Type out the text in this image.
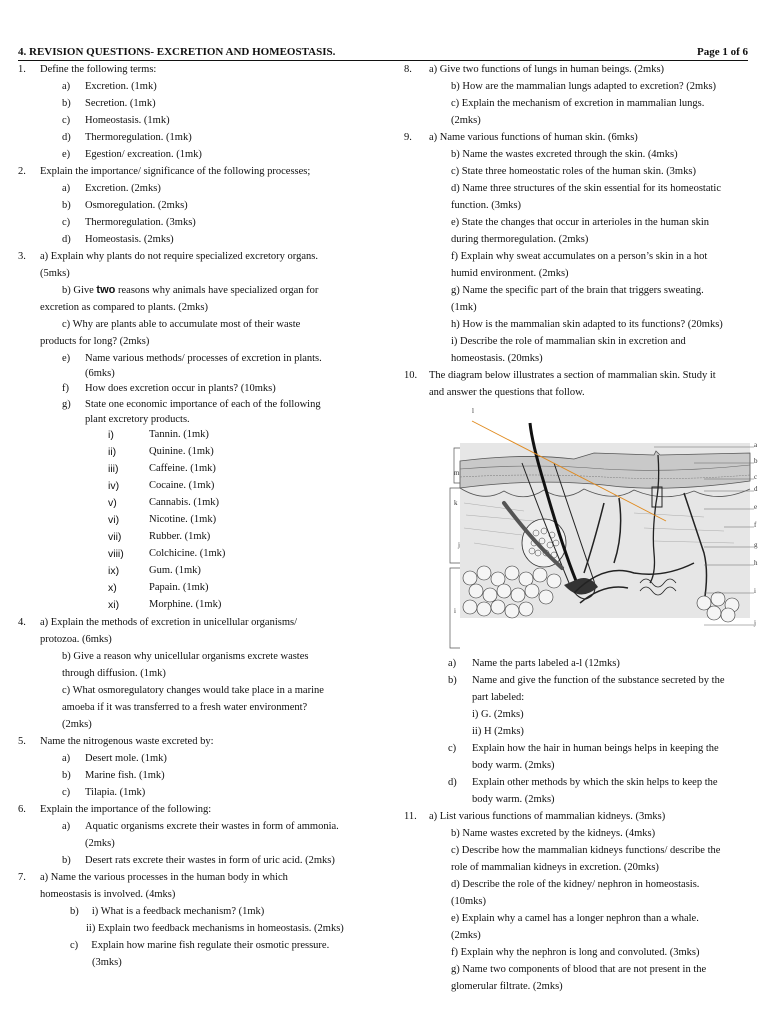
4. REVISION QUESTIONS- EXCRETION AND HOMEOSTASIS.	Page 1 of 6
1.	Define the following terms:
a) Excretion. (1mk)
b) Secretion. (1mk)
c) Homeostasis. (1mk)
d) Thermoregulation. (1mk)
e) Egestion/ excreation. (1mk)
2.	Explain the importance/ significance of the following processes;
a) Excretion. (2mks)
b) Osmoregulation. (2mks)
c) Thermoregulation. (3mks)
d) Homeostasis. (2mks)
3.	a) Explain why plants do not require specialized excretory organs.
(5mks)
b) Give two reasons why animals have specialized organ for
excretion as compared to plants. (2mks)
c) Why are plants able to accumulate most of their waste
products for long? (2mks)
e) Name various methods/ processes of excretion in plants.
(6mks)
f) How does excretion occur in plants? (10mks)
g) State one economic importance of each of the following
plant excretory products.
i)	Tannin. (1mk)
ii)	Quinine. (1mk)
iii)	Caffeine. (1mk)
iv)	Cocaine. (1mk)
v)	Cannabis. (1mk)
vi)	Nicotine. (1mk)
vii)	Rubber. (1mk)
viii) Colchicine. (1mk)
ix)	Gum. (1mk)
x)	Papain. (1mk)
xi)	Morphine. (1mk)
4.	a) Explain the methods of excretion in unicellular organisms/
protozoa. (6mks)
b) Give a reason why unicellular organisms excrete wastes
through diffusion. (1mk)
c) What osmoregulatory changes would take place in a marine
amoeba if it was transferred to a fresh water environment?
(2mks)
5.	Name the nitrogenous waste excreted by:
a) Desert mole. (1mk)
b) Marine fish. (1mk)
c) Tilapia. (1mk)
6.	Explain the importance of the following:
a) Aquatic organisms excrete their wastes in form of ammonia.
(2mks)
b) Desert rats excrete their wastes in form of uric acid. (2mks)
7.	a) Name the various processes in the human body in which
homeostasis is involved. (4mks)
b)     i) What is a feedback mechanism? (1mk)
ii) Explain two feedback mechanisms in homeostasis. (2mks)
c)     Explain how marine fish regulate their osmotic pressure.
(3mks)
8.	a) Give two functions of lungs in human beings. (2mks)
b) How are the mammalian lungs adapted to excretion? (2mks)
c) Explain the mechanism of excretion in mammalian lungs.
(2mks)
9.	a) Name various functions of human skin. (6mks)
b) Name the wastes excreted through the skin. (4mks)
c) State three homeostatic roles of the human skin. (3mks)
d) Name three structures of the skin essential for its homeostatic
function. (3mks)
e) State the changes that occur in arterioles in the human skin
during thermoregulation. (2mks)
f) Explain why sweat accumulates on a person’s skin in a hot
humid environment. (2mks)
g) Name the specific part of the brain that triggers sweating.
(1mk)
h) How is the mammalian skin adapted to its functions? (20mks)
i) Describe the role of mammalian skin in excretion and
homeostasis. (20mks)
10.	The diagram below illustrates a section of mammalian skin. Study it
and answer the questions that follow.
l
m
k
j
i
a
b
c
d
e
f
g
h
i
j
a) Name the parts labeled a-l (12mks)
b) Name and give the function of the substance secreted by the
part labeled:
i) G. (2mks)
ii) H (2mks)
c) Explain how the hair in human beings helps in keeping the
body warm. (2mks)
d) Explain other methods by which the skin helps to keep the
body warm. (2mks)
11.	a) List various functions of mammalian kidneys. (3mks)
b) Name wastes excreted by the kidneys. (4mks)
c) Describe how the mammalian kidneys functions/ describe the
role of mammalian kidneys in excretion. (20mks)
d) Describe the role of the kidney/ nephron in homeostasis.
(10mks)
e) Explain why a camel has a longer nephron than a whale.
(2mks)
f) Explain why the nephron is long and convoluted. (3mks)
g) Name two components of blood that are not present in the
glomerular filtrate. (2mks)
